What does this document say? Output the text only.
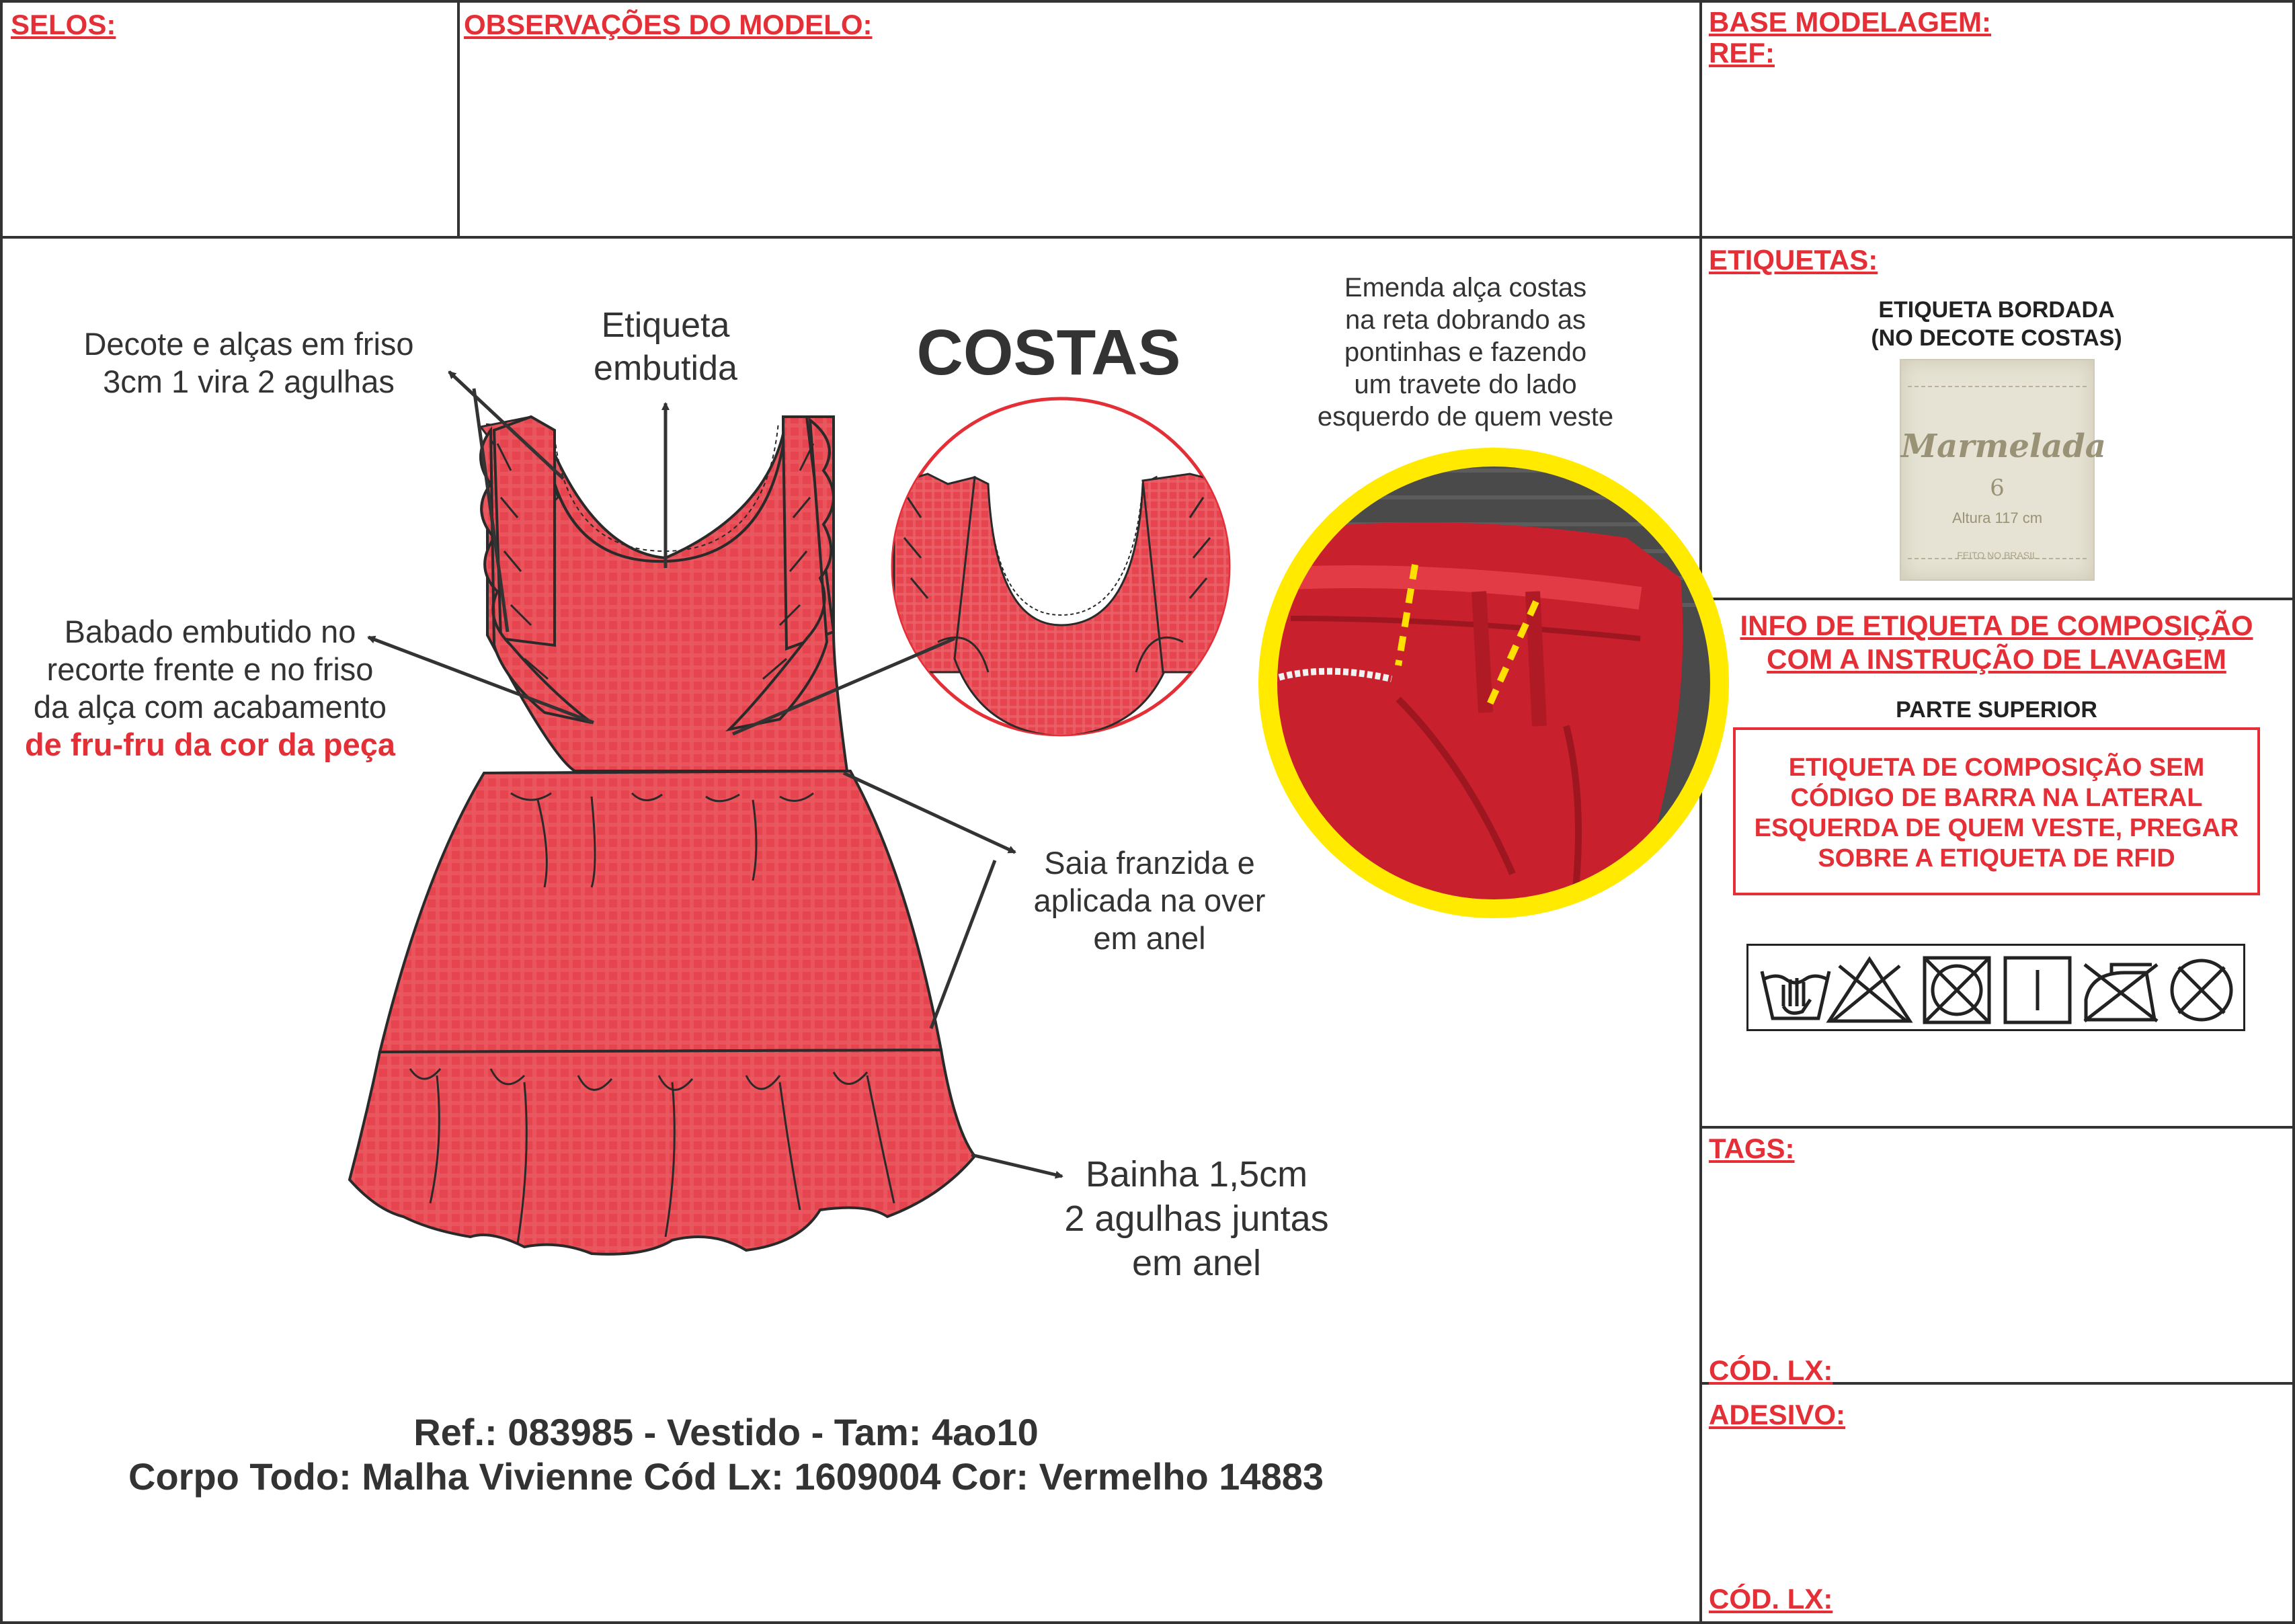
SELOS:	OBSERVAÇÕES DO MODELO:	BASE MODELAGEM:
REF:
ETIQUETAS:
TAGS:
CÓD. LX:
ADESIVO:
CÓD. LX:
COSTAS
Decote e alças em friso
3cm 1 vira 2 agulhas
Etiqueta
embutida
Babado embutido no
recorte frente e no friso
da alça com acabamento
de fru-fru da cor da peça
Saia franzida e
aplicada na over
em anel
Bainha 1,5cm
2 agulhas juntas
em anel
Emenda alça costas
na reta dobrando as
pontinhas e fazendo
um travete do lado
esquerdo de quem veste
Ref.: 083985 - Vestido - Tam: 4ao10
Corpo Todo: Malha Vivienne Cód Lx: 1609004 Cor: Vermelho 14883
ETIQUETA BORDADA
(NO DECOTE COSTAS)
Marmelada
6
Altura 117 cm
FEITO NO BRASIL
INFO DE ETIQUETA DE COMPOSIÇÃO
COM A INSTRUÇÃO DE LAVAGEM
PARTE SUPERIOR
ETIQUETA DE COMPOSIÇÃO SEM
CÓDIGO DE BARRA NA LATERAL
ESQUERDA DE QUEM VESTE, PREGAR
SOBRE A ETIQUETA DE RFID
